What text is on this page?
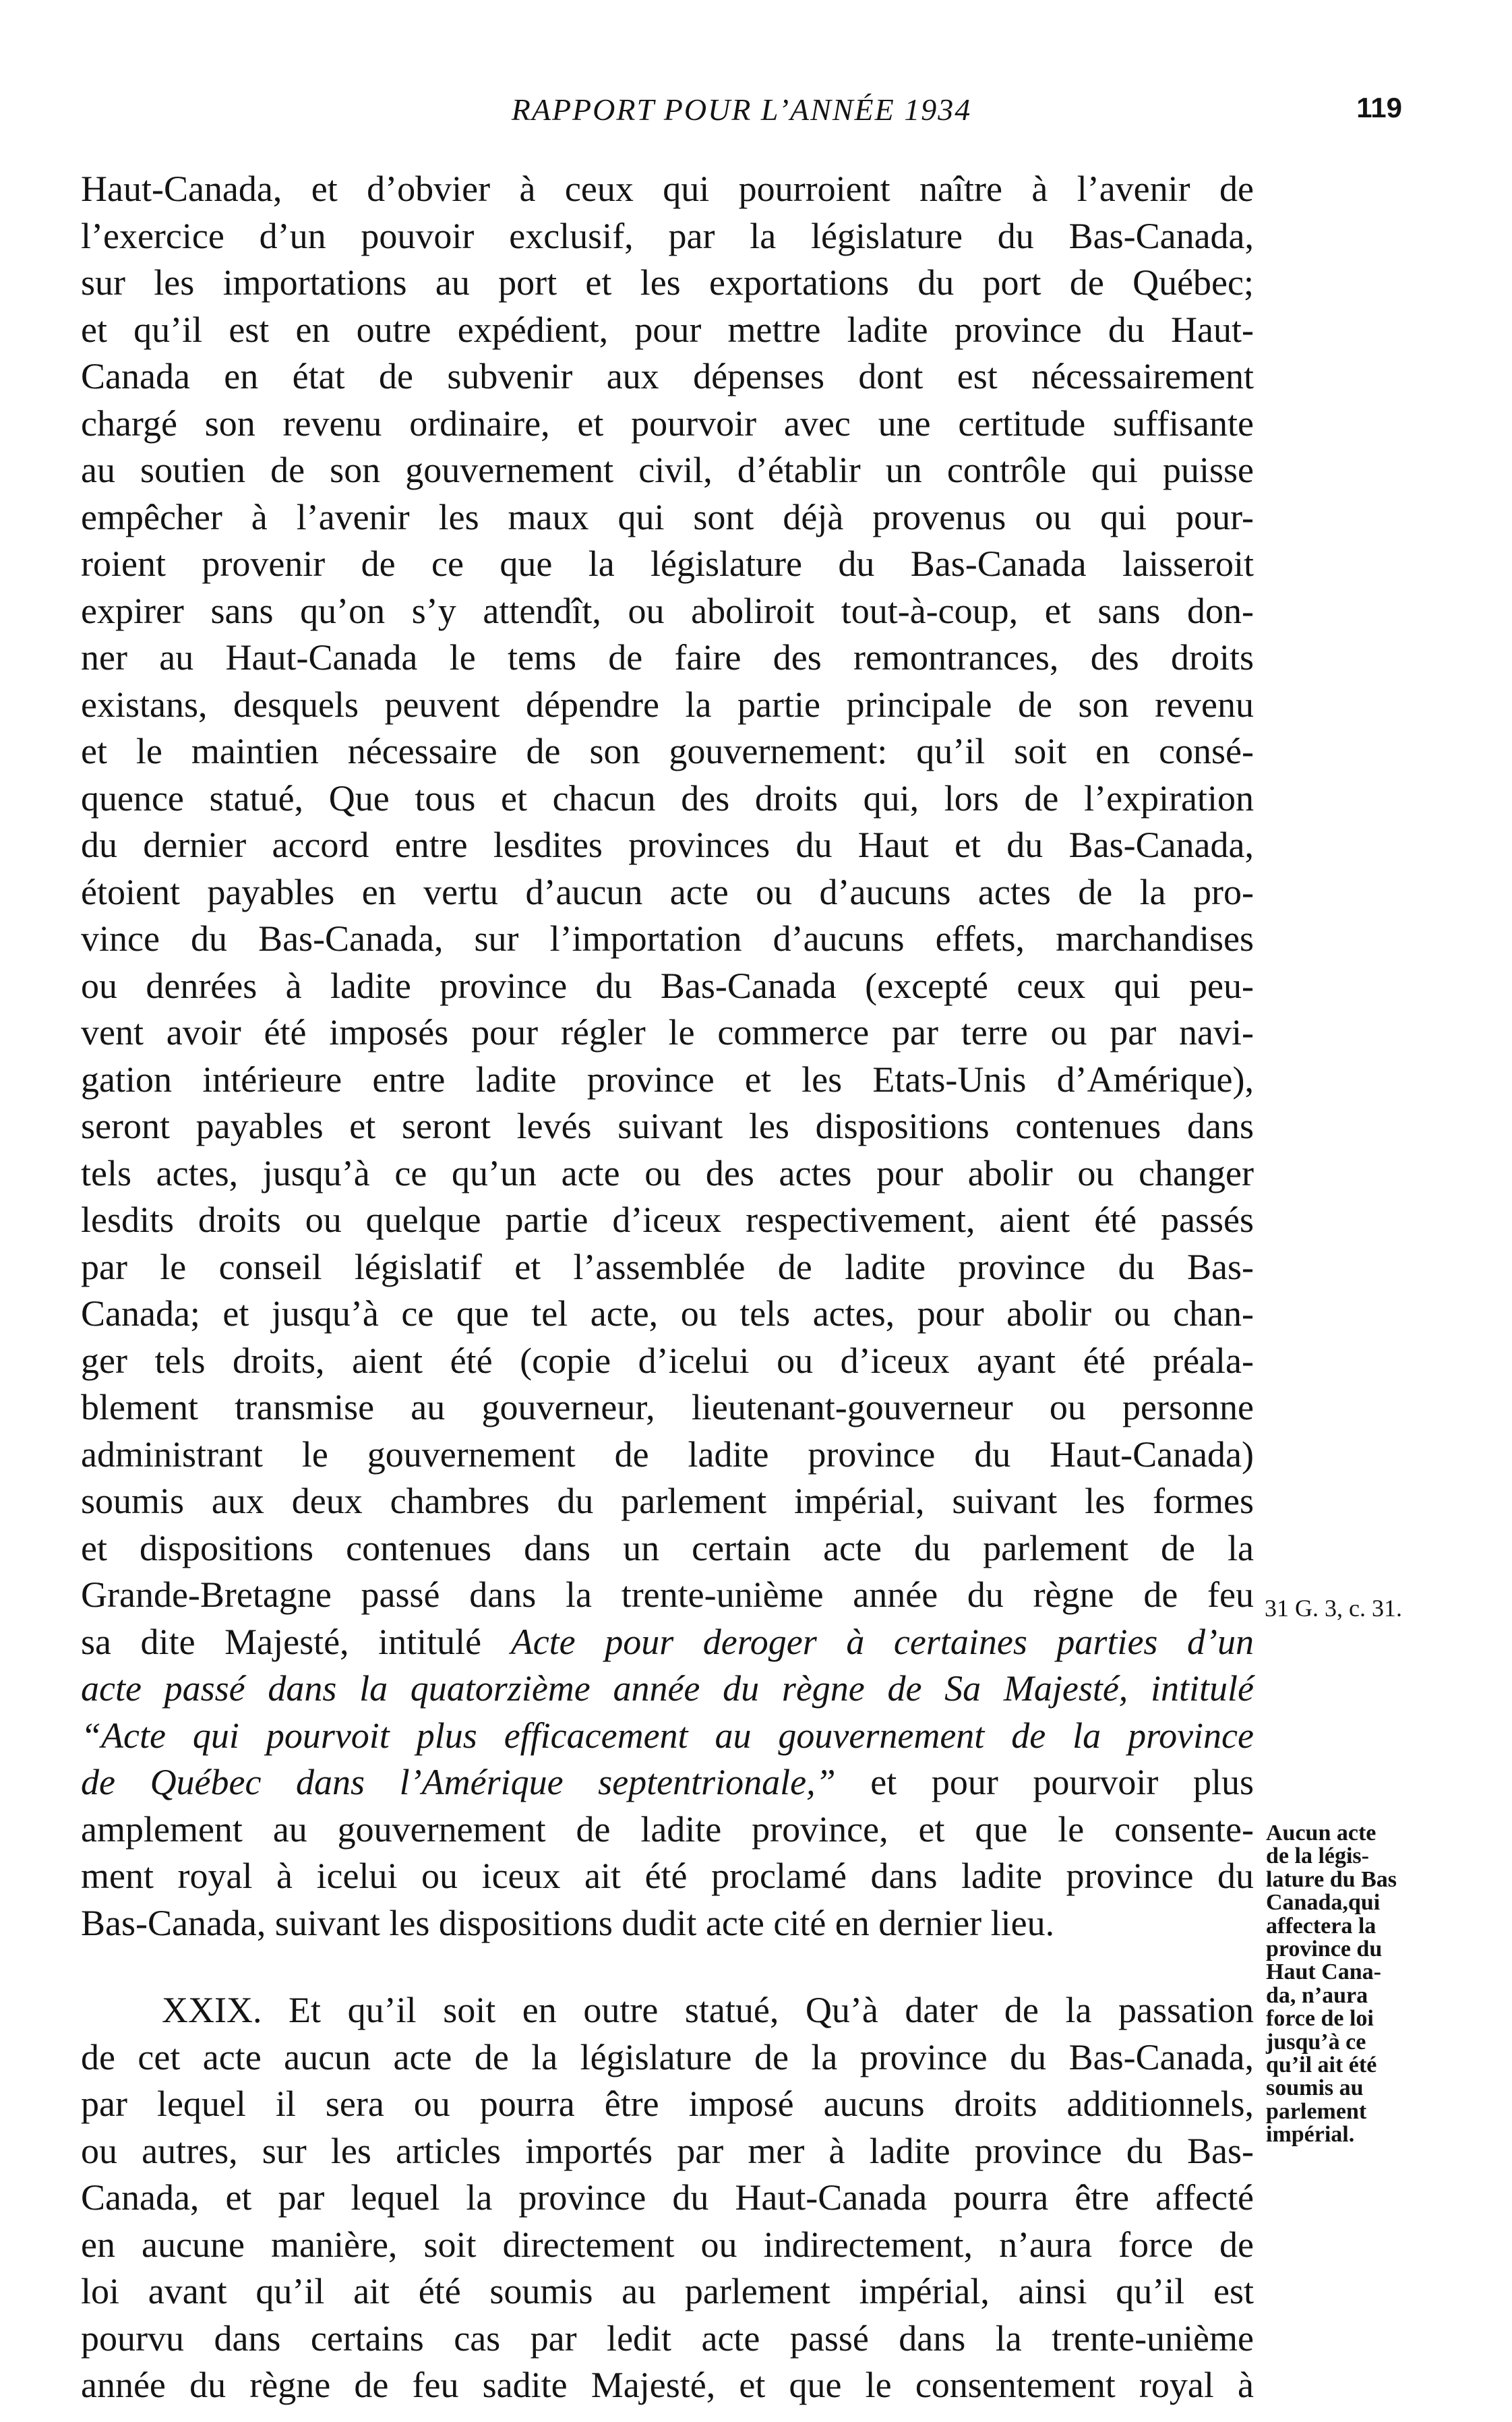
RAPPORT POUR L’ANNÉE 1934	119
Haut-Canada, et d’obvier à ceux qui pourroient naître à l’avenir de
l’exercice d’un pouvoir exclusif, par la législature du Bas-Canada,
sur les importations au port et les exportations du port de Québec;
et qu’il est en outre expédient, pour mettre ladite province du Haut-
Canada en état de subvenir aux dépenses dont est nécessairement
chargé son revenu ordinaire, et pourvoir avec une certitude suffisante
au soutien de son gouvernement civil, d’établir un contrôle qui puisse
empêcher à l’avenir les maux qui sont déjà provenus ou qui pour-
roient provenir de ce que la législature du Bas-Canada laisseroit
expirer sans qu’on s’y attendît, ou aboliroit tout-à-coup, et sans don-
ner au Haut-Canada le tems de faire des remontrances, des droits
existans, desquels peuvent dépendre la partie principale de son revenu
et le maintien nécessaire de son gouvernement: qu’il soit en consé-
quence statué, Que tous et chacun des droits qui, lors de l’expiration
du dernier accord entre lesdites provinces du Haut et du Bas-Canada,
étoient payables en vertu d’aucun acte ou d’aucuns actes de la pro-
vince du Bas-Canada, sur l’importation d’aucuns effets, marchandises
ou denrées à ladite province du Bas-Canada (excepté ceux qui peu-
vent avoir été imposés pour régler le commerce par terre ou par navi-
gation intérieure entre ladite province et les Etats-Unis d’Amérique),
seront payables et seront levés suivant les dispositions contenues dans
tels actes, jusqu’à ce qu’un acte ou des actes pour abolir ou changer
lesdits droits ou quelque partie d’iceux respectivement, aient été passés
par le conseil législatif et l’assemblée de ladite province du Bas-
Canada; et jusqu’à ce que tel acte, ou tels actes, pour abolir ou chan-
ger tels droits, aient été (copie d’icelui ou d’iceux ayant été préala-
blement transmise au gouverneur, lieutenant-gouverneur ou personne
administrant le gouvernement de ladite province du Haut-Canada)
soumis aux deux chambres du parlement impérial, suivant les formes
et dispositions contenues dans un certain acte du parlement de la
Grande-Bretagne passé dans la trente-unième année du règne de feu
sa dite Majesté, intitulé Acte pour deroger à certaines parties d’un
acte passé dans la quatorzième année du règne de Sa Majesté, intitulé
“Acte qui pourvoit plus efficacement au gouvernement de la province
de Québec dans l’Amérique septentrionale,” et pour pourvoir plus
amplement au gouvernement de ladite province, et que le consente-
ment royal à icelui ou iceux ait été proclamé dans ladite province du
Bas-Canada, suivant les dispositions dudit acte cité en dernier lieu.
XXIX. Et qu’il soit en outre statué, Qu’à dater de la passation
de cet acte aucun acte de la législature de la province du Bas-Canada,
par lequel il sera ou pourra être imposé aucuns droits additionnels,
ou autres, sur les articles importés par mer à ladite province du Bas-
Canada, et par lequel la province du Haut-Canada pourra être affecté
en aucune manière, soit directement ou indirectement, n’aura force de
loi avant qu’il ait été soumis au parlement impérial, ainsi qu’il est
pourvu dans certains cas par ledit acte passé dans la trente-unième
année du règne de feu sadite Majesté, et que le consentement royal à
31 G. 3, c. 31.
Aucun acte
de la légis-
lature du Bas
Canada,qui
affectera la
province du
Haut Cana-
da, n’aura
force de loi
jusqu’à ce
qu’il ait été
soumis au
parlement
impérial.
